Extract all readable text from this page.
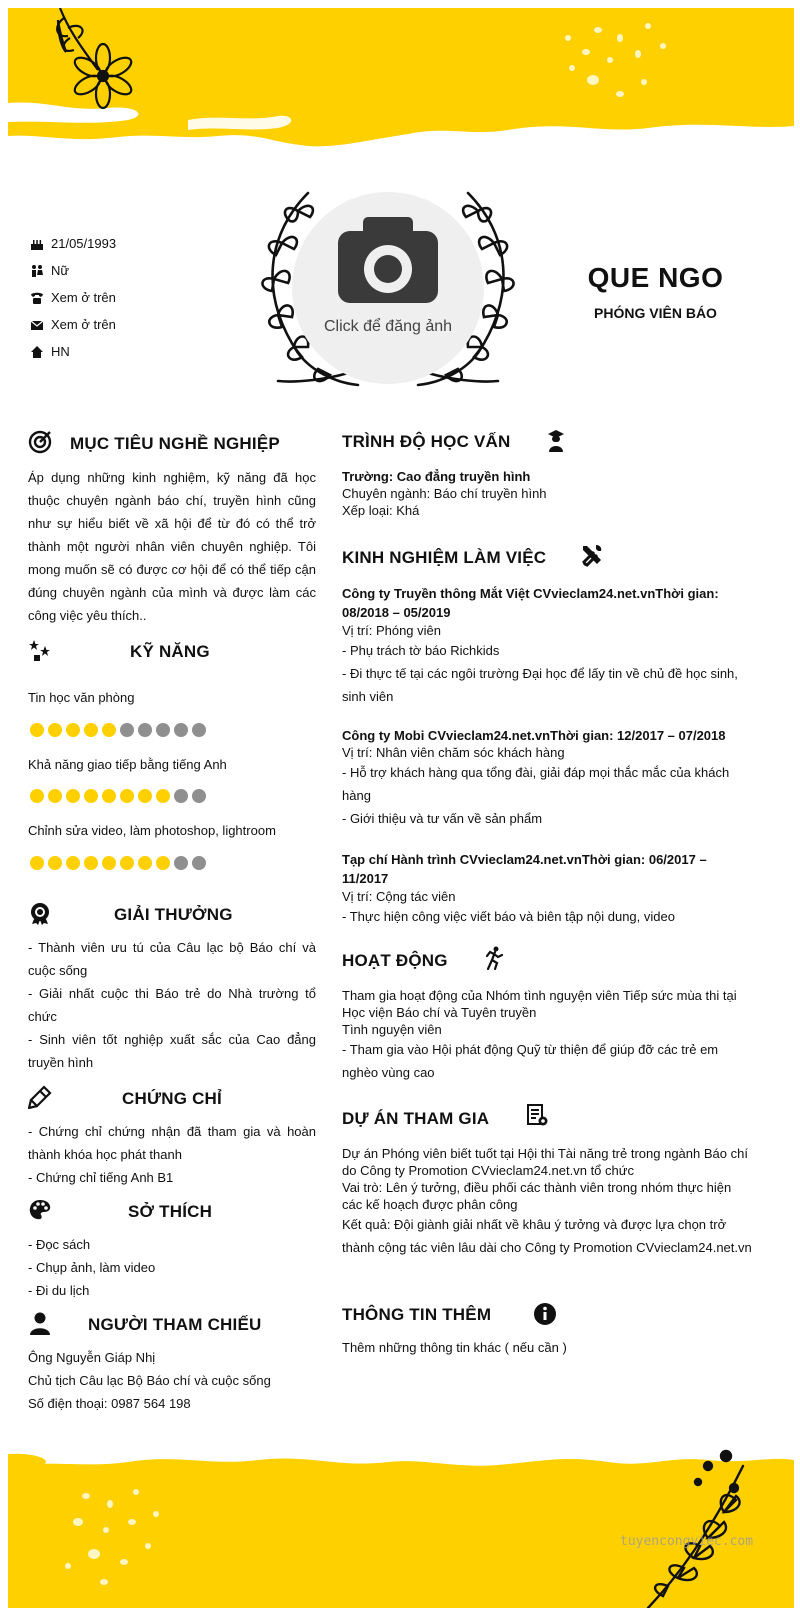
21/05/1993
Nữ
Xem ở trên
Xem ở trên
HN
Click để đăng ảnh
QUE NGO
PHÓNG VIÊN BÁO
MỤC TIÊU NGHỀ NGHIỆP
Áp dụng những kinh nghiệm, kỹ năng đã học thuộc chuyên ngành báo chí, truyền hình cũng như sự hiểu biết về xã hội để từ đó có thể trở thành một người nhân viên chuyên nghiệp. Tôi mong muốn sẽ có được cơ hội để có thể tiếp cận đúng chuyên ngành của mình và được làm các công việc yêu thích..
KỸ NĂNG
Tin học văn phòng
Khả năng giao tiếp bằng tiếng Anh
Chỉnh sửa video, làm photoshop, lightroom
GIẢI THƯỞNG
- Thành viên ưu tú của Câu lạc bộ Báo chí và cuộc sống
- Giải nhất cuộc thi Báo trẻ do Nhà trường tổ chức
- Sinh viên tốt nghiệp xuất sắc của Cao đẳng truyền hình
CHỨNG CHỈ
- Chứng chỉ chứng nhận đã tham gia và hoàn thành khóa học phát thanh
- Chứng chỉ tiếng Anh B1
SỞ THÍCH
- Đọc sách
- Chụp ảnh, làm video
- Đi du lịch
NGƯỜI THAM CHIẾU
Ông Nguyễn Giáp Nhị
Chủ tịch Câu lạc Bộ Báo chí và cuộc sống
Số điện thoại: 0987 564 198
TRÌNH ĐỘ HỌC VẤN
Trường: Cao đẳng truyền hình
Chuyên ngành: Báo chí truyền hình
Xếp loại: Khá
KINH NGHIỆM LÀM VIỆC
Công ty Truyền thông Mắt Việt CVvieclam24.net.vnThời gian: 08/2018 – 05/2019
Vị trí: Phóng viên
- Phụ trách tờ báo Richkids
- Đi thực tế tại các ngôi trường Đại học để lấy tin về chủ đề học sinh, sinh viên
Công ty Mobi CVvieclam24.net.vnThời gian: 12/2017 – 07/2018
Vị trí: Nhân viên chăm sóc khách hàng
- Hỗ trợ khách hàng qua tổng đài, giải đáp mọi thắc mắc của khách hàng
- Giới thiệu và tư vấn về sản phẩm
Tạp chí Hành trình CVvieclam24.net.vnThời gian: 06/2017 – 11/2017
Vị trí: Cộng tác viên
- Thực hiện công việc viết báo và biên tập nội dung, video
HOẠT ĐỘNG
Tham gia hoạt động của Nhóm tình nguyện viên Tiếp sức mùa thi tại Học viện Báo chí và Tuyên truyền
Tình nguyện viên
- Tham gia vào Hội phát động Quỹ từ thiện để giúp đỡ các trẻ em nghèo vùng cao
DỰ ÁN THAM GIA
Dự án Phóng viên biết tuốt tại Hội thi Tài năng trẻ trong ngành Báo chí do Công ty Promotion CVvieclam24.net.vn tổ chức
Vai trò: Lên ý tưởng, điều phối các thành viên trong nhóm thực hiện các kế hoạch được phân công
Kết quả: Đội giành giải nhất về khâu ý tưởng và được lựa chọn trở thành cộng tác viên lâu dài cho Công ty Promotion CVvieclam24.net.vn
THÔNG TIN THÊM
Thêm những thông tin khác ( nếu cần )
tuyencongviec.com
